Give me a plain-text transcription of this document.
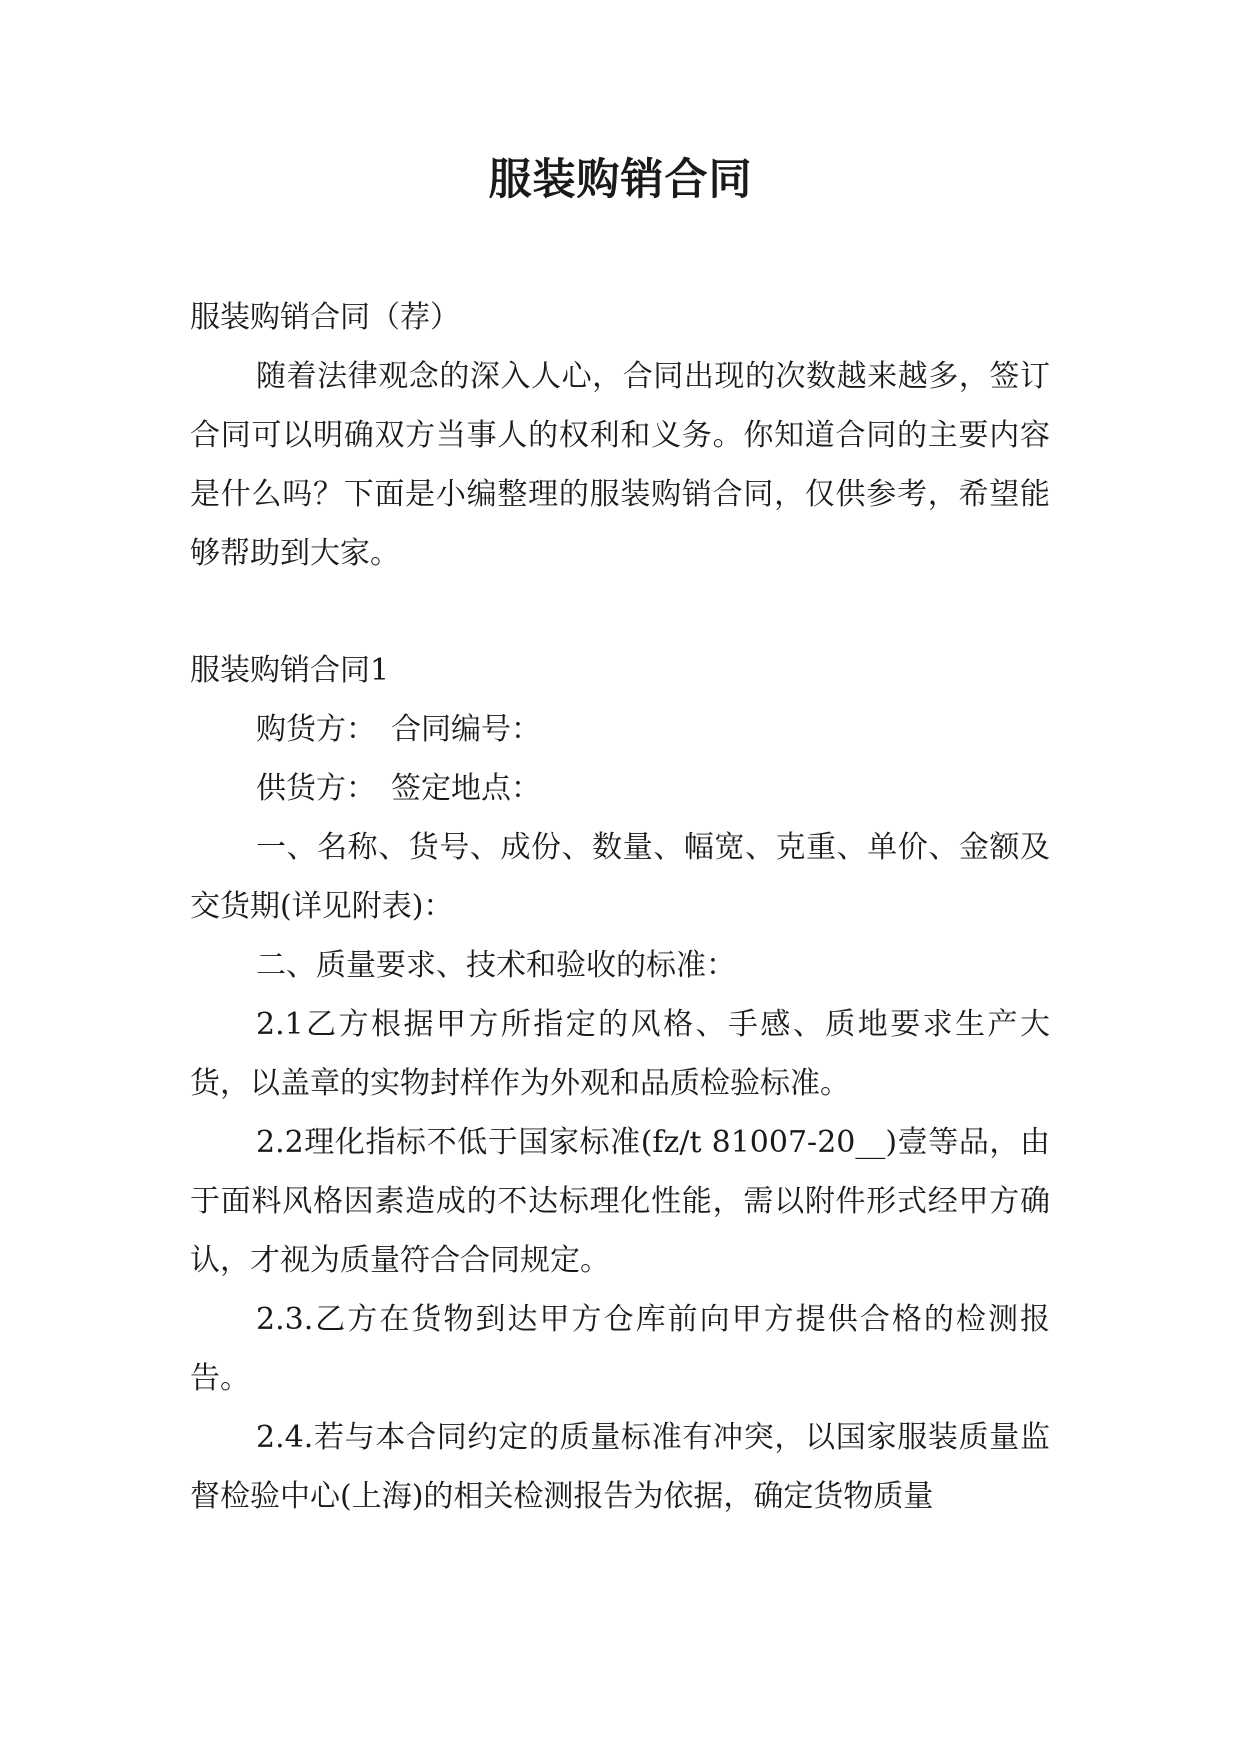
服装购销合同

服装购销合同（荐）

随着法律观念的深入人心，合同出现的次数越来越多，签订合同可以明确双方当事人的权利和义务。你知道合同的主要内容是什么吗？下面是小编整理的服装购销合同，仅供参考，希望能够帮助到大家。

服装购销合同1

购货方：　合同编号：

供货方：　签定地点：

一、名称、货号、成份、数量、幅宽、克重、单价、金额及交货期(详见附表)：

二、质量要求、技术和验收的标准：

2.1乙方根据甲方所指定的风格、手感、质地要求生产大货，以盖章的实物封样作为外观和品质检验标准。

2.2理化指标不低于国家标准(fz/t 81007-20__)壹等品，由于面料风格因素造成的不达标理化性能，需以附件形式经甲方确认，才视为质量符合合同规定。

2.3.乙方在货物到达甲方仓库前向甲方提供合格的检测报告。

2.4.若与本合同约定的质量标准有冲突，以国家服装质量监督检验中心(上海)的相关检测报告为依据，确定货物质量
